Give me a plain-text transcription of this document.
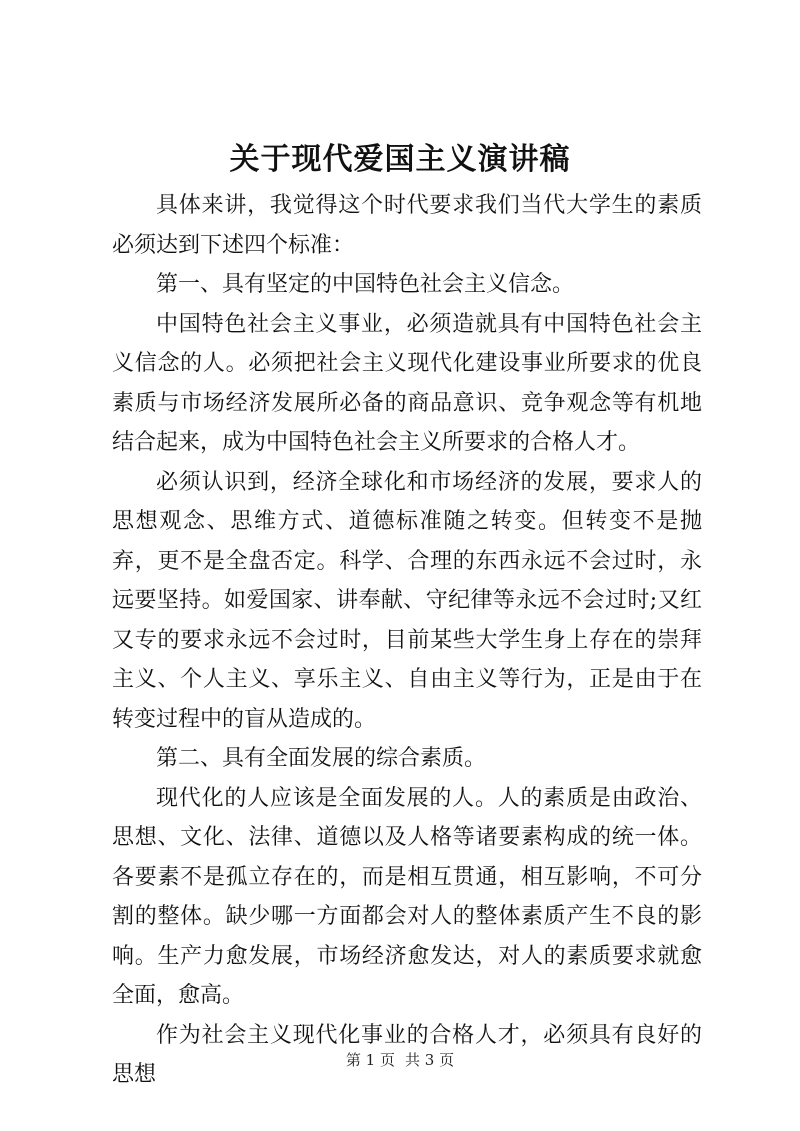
关于现代爱国主义演讲稿

具体来讲，我觉得这个时代要求我们当代大学生的素质必须达到下述四个标准：

第一、具有坚定的中国特色社会主义信念。

中国特色社会主义事业，必须造就具有中国特色社会主义信念的人。必须把社会主义现代化建设事业所要求的优良素质与市场经济发展所必备的商品意识、竞争观念等有机地结合起来，成为中国特色社会主义所要求的合格人才。

必须认识到，经济全球化和市场经济的发展，要求人的思想观念、思维方式、道德标准随之转变。但转变不是抛弃，更不是全盘否定。科学、合理的东西永远不会过时，永远要坚持。如爱国家、讲奉献、守纪律等永远不会过时;又红又专的要求永远不会过时，目前某些大学生身上存在的崇拜主义、个人主义、享乐主义、自由主义等行为，正是由于在转变过程中的盲从造成的。

第二、具有全面发展的综合素质。

现代化的人应该是全面发展的人。人的素质是由政治、思想、文化、法律、道德以及人格等诸要素构成的统一体。各要素不是孤立存在的，而是相互贯通，相互影响，不可分割的整体。缺少哪一方面都会对人的整体素质产生不良的影响。生产力愈发展，市场经济愈发达，对人的素质要求就愈全面，愈高。

作为社会主义现代化事业的合格人才，必须具有良好的思想

第 1 页 共 3 页
